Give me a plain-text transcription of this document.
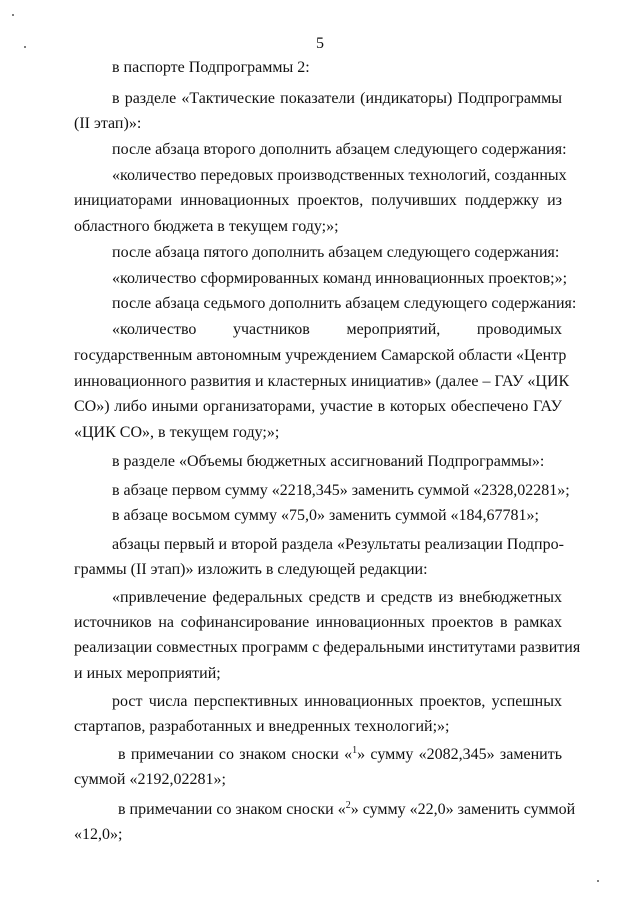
5
в паспорте Подпрограммы 2:
в разделе «Тактические показатели (индикаторы) Подпрограммы
(II этап)»:
после абзаца второго дополнить абзацем следующего содержания:
«количество передовых производственных технологий, созданных
инициаторами инновационных проектов, получивших поддержку из
областного бюджета в текущем году;»;
после абзаца пятого дополнить абзацем следующего содержания:
«количество сформированных команд инновационных проектов;»;
после абзаца седьмого дополнить абзацем следующего содержания:
«количество участников мероприятий, проводимых
государственным автономным учреждением Самарской области «Центр
инновационного развития и кластерных инициатив» (далее – ГАУ «ЦИК
СО») либо иными организаторами, участие в которых обеспечено ГАУ
«ЦИК СО», в текущем году;»;
в разделе «Объемы бюджетных ассигнований Подпрограммы»:
в абзаце первом сумму «2218,345» заменить суммой «2328,02281»;
в абзаце восьмом сумму «75,0» заменить суммой «184,67781»;
абзацы первый и второй раздела «Результаты реализации Подпро-
граммы (II этап)» изложить в следующей редакции:
«привлечение федеральных средств и средств из внебюджетных
источников на софинансирование инновационных проектов в рамках
реализации совместных программ с федеральными институтами развития
и иных мероприятий;
рост числа перспективных инновационных проектов, успешных
стартапов, разработанных и внедренных технологий;»;
в примечании со знаком сноски «$^1$» сумму «2082,345» заменить
суммой «2192,02281»;
в примечании со знаком сноски «$^2$» сумму «22,0» заменить суммой
«12,0»;
